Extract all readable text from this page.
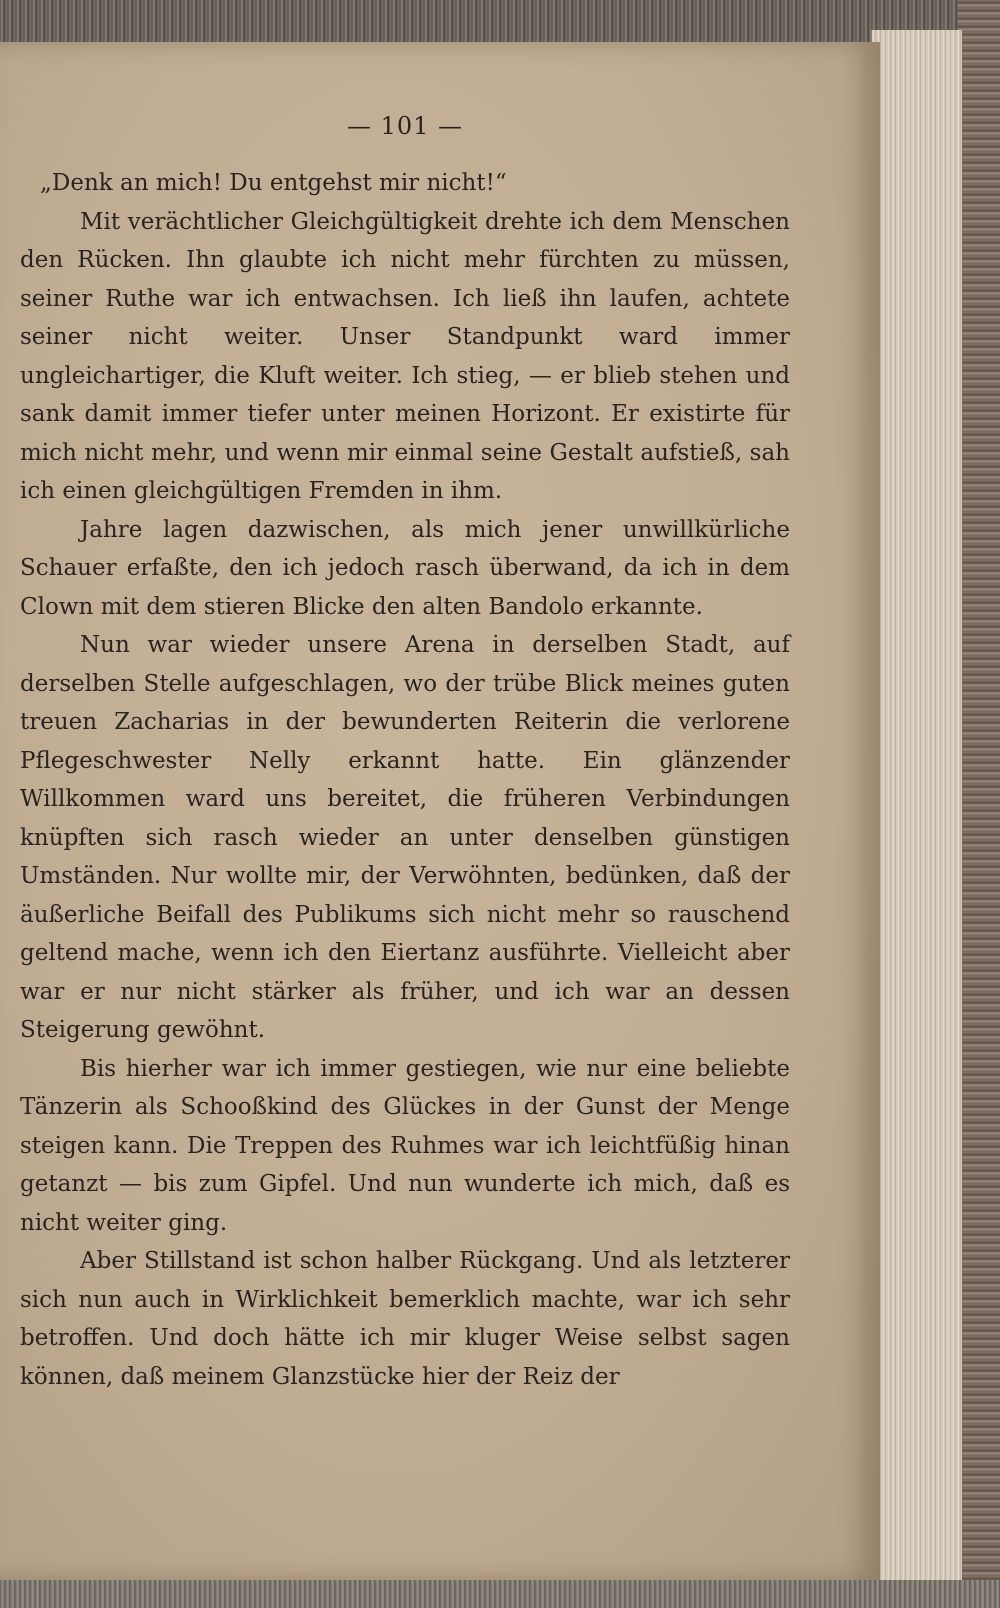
— 101 —

„Denk an mich! Du entgehst mir nicht!“

Mit verächtlicher Gleichgültigkeit drehte ich dem Menschen den Rücken. Ihn glaubte ich nicht mehr fürchten zu müssen, seiner Ruthe war ich entwachsen. Ich ließ ihn laufen, achtete seiner nicht weiter. Unser Standpunkt ward immer ungleichartiger, die Kluft weiter. Ich stieg, — er blieb stehen und sank damit immer tiefer unter meinen Horizont. Er existirte für mich nicht mehr, und wenn mir einmal seine Gestalt aufstieß, sah ich einen gleichgültigen Fremden in ihm.

Jahre lagen dazwischen, als mich jener unwillkürliche Schauer erfaßte, den ich jedoch rasch überwand, da ich in dem Clown mit dem stieren Blicke den alten Bandolo erkannte.

Nun war wieder unsere Arena in derselben Stadt, auf derselben Stelle aufgeschlagen, wo der trübe Blick meines guten treuen Zacharias in der bewunderten Reiterin die verlorene Pflegeschwester Nelly erkannt hatte. Ein glänzender Willkommen ward uns bereitet, die früheren Verbindungen knüpften sich rasch wieder an unter denselben günstigen Umständen. Nur wollte mir, der Verwöhnten, bedünken, daß der äußerliche Beifall des Publikums sich nicht mehr so rauschend geltend mache, wenn ich den Eiertanz ausführte. Vielleicht aber war er nur nicht stärker als früher, und ich war an dessen Steigerung gewöhnt.

Bis hierher war ich immer gestiegen, wie nur eine beliebte Tänzerin als Schooßkind des Glückes in der Gunst der Menge steigen kann. Die Treppen des Ruhmes war ich leichtfüßig hinan getanzt — bis zum Gipfel. Und nun wunderte ich mich, daß es nicht weiter ging.

Aber Stillstand ist schon halber Rückgang. Und als letzterer sich nun auch in Wirklichkeit bemerklich machte, war ich sehr betroffen. Und doch hätte ich mir kluger Weise selbst sagen können, daß meinem Glanzstücke hier der Reiz der
